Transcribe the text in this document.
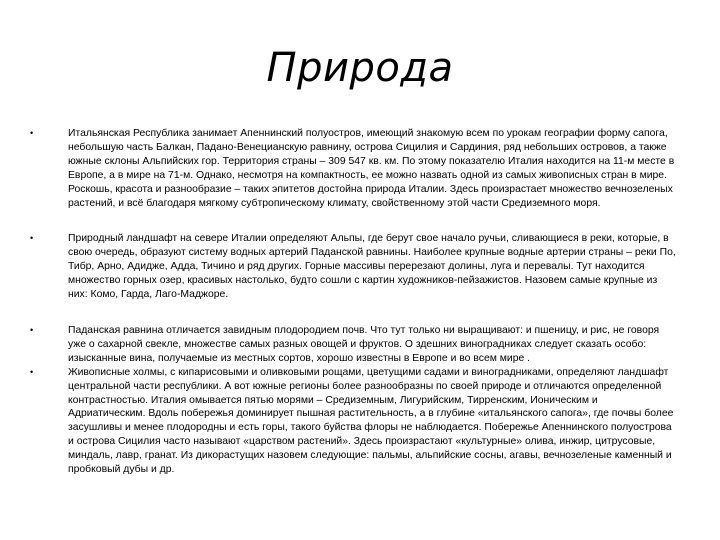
Природа
•	Итальянская Республика занимает Апеннинский полуостров, имеющий знакомую всем по урокам географии форму сапога, небольшую часть Балкан, Падано-Венецианскую равнину, острова Сицилия и Сардиния, ряд небольших островов, а также южные склоны Альпийских гор. Территория страны – 309 547 кв. км. По этому показателю Италия находится на 11-м месте в Европе, а в мире на 71-м. Однако, несмотря на компактность, ее можно назвать одной из самых живописных стран в мире. Роскошь, красота и разнообразие – таких эпитетов достойна природа Италии. Здесь произрастает множество вечнозеленых растений, и всё благодаря мягкому субтропическому климату, свойственному этой части Средиземного моря.
•	Природный ландшафт на севере Италии определяют Альпы, где берут свое начало ручьи, сливающиеся в реки, которые, в свою очередь, образуют систему водных артерий Паданской равнины. Наиболее крупные водные артерии страны – реки По, Тибр, Арно, Адидже, Адда, Тичино и ряд других. Горные массивы перерезают долины, луга и перевалы. Тут находится множество горных озер, красивых настолько, будто сошли с картин художников-пейзажистов. Назовем самые крупные из них: Комо, Гарда, Лаго-Маджоре.
•	Паданская равнина отличается завидным плодородием почв. Что тут только ни выращивают: и пшеницу, и рис, не говоря уже о сахарной свекле, множестве самых разных овощей и фруктов. О здешних виноградниках следует сказать особо: изысканные вина, получаемые из местных сортов, хорошо известны в Европе и во всем мире .
•	Живописные холмы, с кипарисовыми и оливковыми рощами, цветущими садами и виноградниками, определяют ландшафт центральной части республики. А вот южные регионы более разнообразны по своей природе и отличаются определенной контрастностью. Италия омывается пятью морями – Средиземным, Лигурийским, Тирренским, Ионическим и Адриатическим. Вдоль побережья доминирует пышная растительность, а в глубине «итальянского сапога», где почвы более засушливы и менее плодородны и есть горы, такого буйства флоры не наблюдается. Побережье Апеннинского полуострова и острова Сицилия часто называют «царством растений». Здесь произрастают «культурные» олива, инжир, цитрусовые, миндаль, лавр, гранат. Из дикорастущих назовем следующие: пальмы, альпийские сосны, агавы, вечнозеленые каменный и пробковый дубы и др.
